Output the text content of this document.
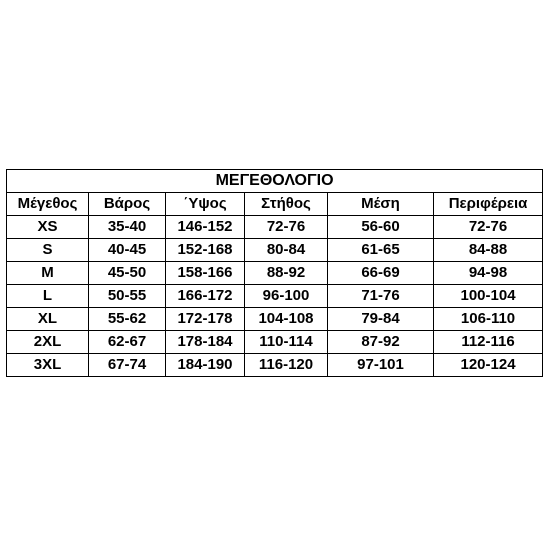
ΜΕΓΕΘΟΛΟΓΙΟ					
Μέγεθος	Βάρος	΄Υψος	Στήθος	Μέση	Περιφέρεια
XS	35-40	146-152	72-76	56-60	72-76
S	40-45	152-168	80-84	61-65	84-88
M	45-50	158-166	88-92	66-69	94-98
L	50-55	166-172	96-100	71-76	100-104
XL	55-62	172-178	104-108	79-84	106-110
2XL	62-67	178-184	110-114	87-92	112-116
3XL	67-74	184-190	116-120	97-101	120-124
